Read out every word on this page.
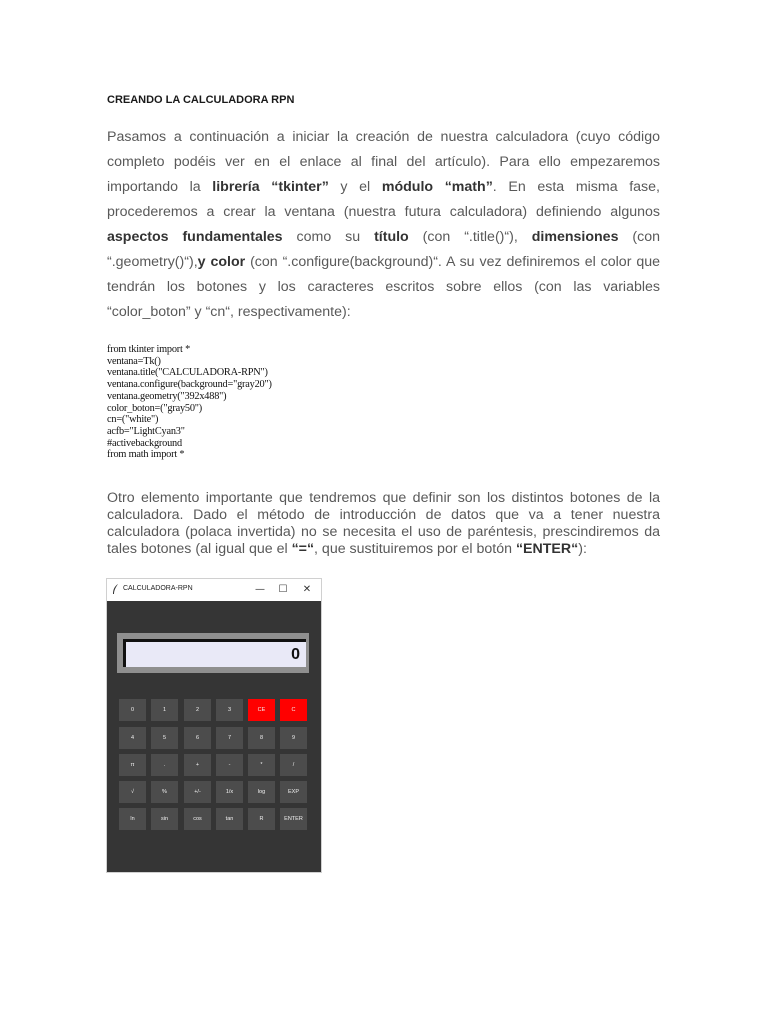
CREANDO LA CALCULADORA RPN
Pasamos a continuación a iniciar la creación de nuestra calculadora (cuyo código completo podéis ver en el enlace al final del artículo). Para ello empezaremos importando la librería “tkinter” y el módulo “math”. En esta misma fase, procederemos a crear la ventana (nuestra futura calculadora) definiendo algunos aspectos fundamentales como su título (con “.title()“), dimensiones (con “.geometry()“),y color (con “.configure(background)“. A su vez definiremos el color que tendrán los botones y los caracteres escritos sobre ellos (con las variables “color_boton” y “cn“, respectivamente):
from tkinter import *
ventana=Tk()
ventana.title("CALCULADORA-RPN")
ventana.configure(background="gray20")
ventana.geometry("392x488")
color_boton=("gray50")
cn=("white")
acfb="LightCyan3"
#activebackground
from math import *
Otro elemento importante que tendremos que definir son los distintos botones de la calculadora. Dado el método de introducción de datos que va a tener nuestra calculadora (polaca invertida) no se necesita el uso de paréntesis, prescindiremos da tales botones (al igual que el “=“, que sustituiremos por el botón “ENTER“):
CALCULADORA-RPN	—	☐	✕
0
0	1	2	3	CE	C
4	5	6	7	8	9
π	.	+	-	*	/
√	%	+/-	1/x	log	EXP
ln	sin	cos	tan	R	ENTER
